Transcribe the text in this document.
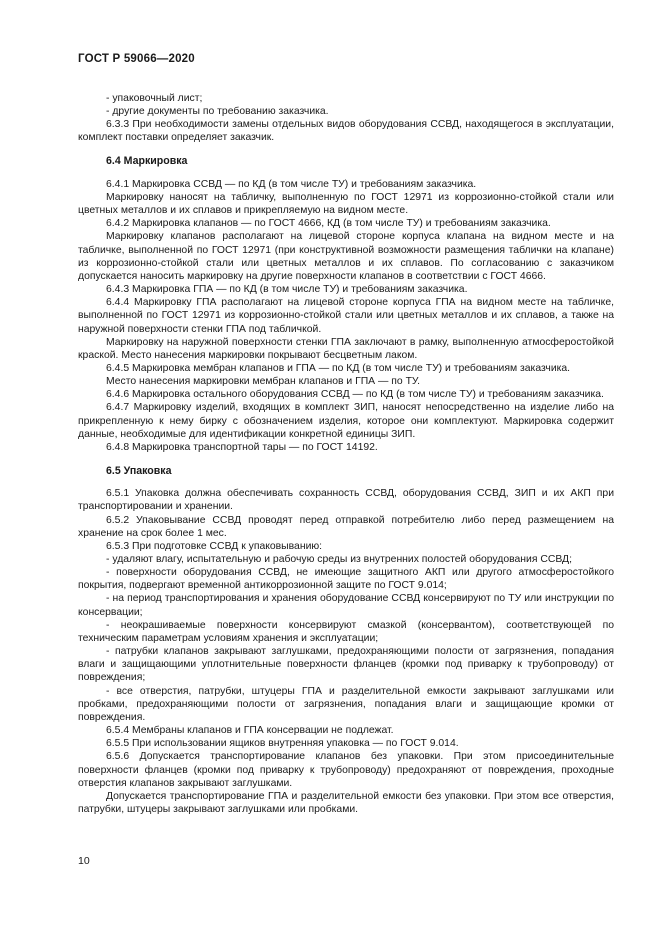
ГОСТ Р 59066—2020

- упаковочный лист;

- другие документы по требованию заказчика.

6.3.3 При необходимости замены отдельных видов оборудования ССВД, находящегося в эксплуатации, комплект поставки определяет заказчик.

6.4 Маркировка

6.4.1 Маркировка ССВД — по КД (в том числе ТУ) и требованиям заказчика.

Маркировку наносят на табличку, выполненную по ГОСТ 12971 из коррозионно-стойкой стали или цветных металлов и их сплавов и прикрепляемую на видном месте.

6.4.2 Маркировка клапанов — по ГОСТ 4666, КД (в том числе ТУ) и требованиям заказчика.

Маркировку клапанов располагают на лицевой стороне корпуса клапана на видном месте и на табличке, выполненной по ГОСТ 12971 (при конструктивной возможности размещения таблички на клапане) из коррозионно-стойкой стали или цветных металлов и их сплавов. По согласованию с заказчиком допускается наносить маркировку на другие поверхности клапанов в соответствии с ГОСТ 4666.

6.4.3 Маркировка ГПА — по КД (в том числе ТУ) и требованиям заказчика.

6.4.4 Маркировку ГПА располагают на лицевой стороне корпуса ГПА на видном месте на табличке, выполненной по ГОСТ 12971 из коррозионно-стойкой стали или цветных металлов и их сплавов, а также на наружной поверхности стенки ГПА под табличкой.

Маркировку на наружной поверхности стенки ГПА заключают в рамку, выполненную атмосферостойкой краской. Место нанесения маркировки покрывают бесцветным лаком.

6.4.5 Маркировка мембран клапанов и ГПА — по КД (в том числе ТУ) и требованиям заказчика.

Место нанесения маркировки мембран клапанов и ГПА — по ТУ.

6.4.6 Маркировка остального оборудования ССВД — по КД (в том числе ТУ) и требованиям заказчика.

6.4.7 Маркировку изделий, входящих в комплект ЗИП, наносят непосредственно на изделие либо на прикрепленную к нему бирку с обозначением изделия, которое они комплектуют. Маркировка содержит данные, необходимые для идентификации конкретной единицы ЗИП.

6.4.8 Маркировка транспортной тары — по ГОСТ 14192.

6.5 Упаковка

6.5.1 Упаковка должна обеспечивать сохранность ССВД, оборудования ССВД, ЗИП и их АКП при транспортировании и хранении.

6.5.2 Упаковывание ССВД проводят перед отправкой потребителю либо перед размещением на хранение на срок более 1 мес.

6.5.3 При подготовке ССВД к упаковыванию:

- удаляют влагу, испытательную и рабочую среды из внутренних полостей оборудования ССВД;

- поверхности оборудования ССВД, не имеющие защитного АКП или другого атмосферостойкого покрытия, подвергают временной антикоррозионной защите по ГОСТ 9.014;

- на период транспортирования и хранения оборудование ССВД консервируют по ТУ или инструкции по консервации;

- неокрашиваемые поверхности консервируют смазкой (консервантом), соответствующей по техническим параметрам условиям хранения и эксплуатации;

- патрубки клапанов закрывают заглушками, предохраняющими полости от загрязнения, попадания влаги и защищающими уплотнительные поверхности фланцев (кромки под приварку к трубопроводу) от повреждения;

- все отверстия, патрубки, штуцеры ГПА и разделительной емкости закрывают заглушками или пробками, предохраняющими полости от загрязнения, попадания влаги и защищающие кромки от повреждения.

6.5.4 Мембраны клапанов и ГПА консервации не подлежат.

6.5.5 При использовании ящиков внутренняя упаковка — по ГОСТ 9.014.

6.5.6 Допускается транспортирование клапанов без упаковки. При этом присоединительные поверхности фланцев (кромки под приварку к трубопроводу) предохраняют от повреждения, проходные отверстия клапанов закрывают заглушками.

Допускается транспортирование ГПА и разделительной емкости без упаковки. При этом все отверстия, патрубки, штуцеры закрывают заглушками или пробками.

10
